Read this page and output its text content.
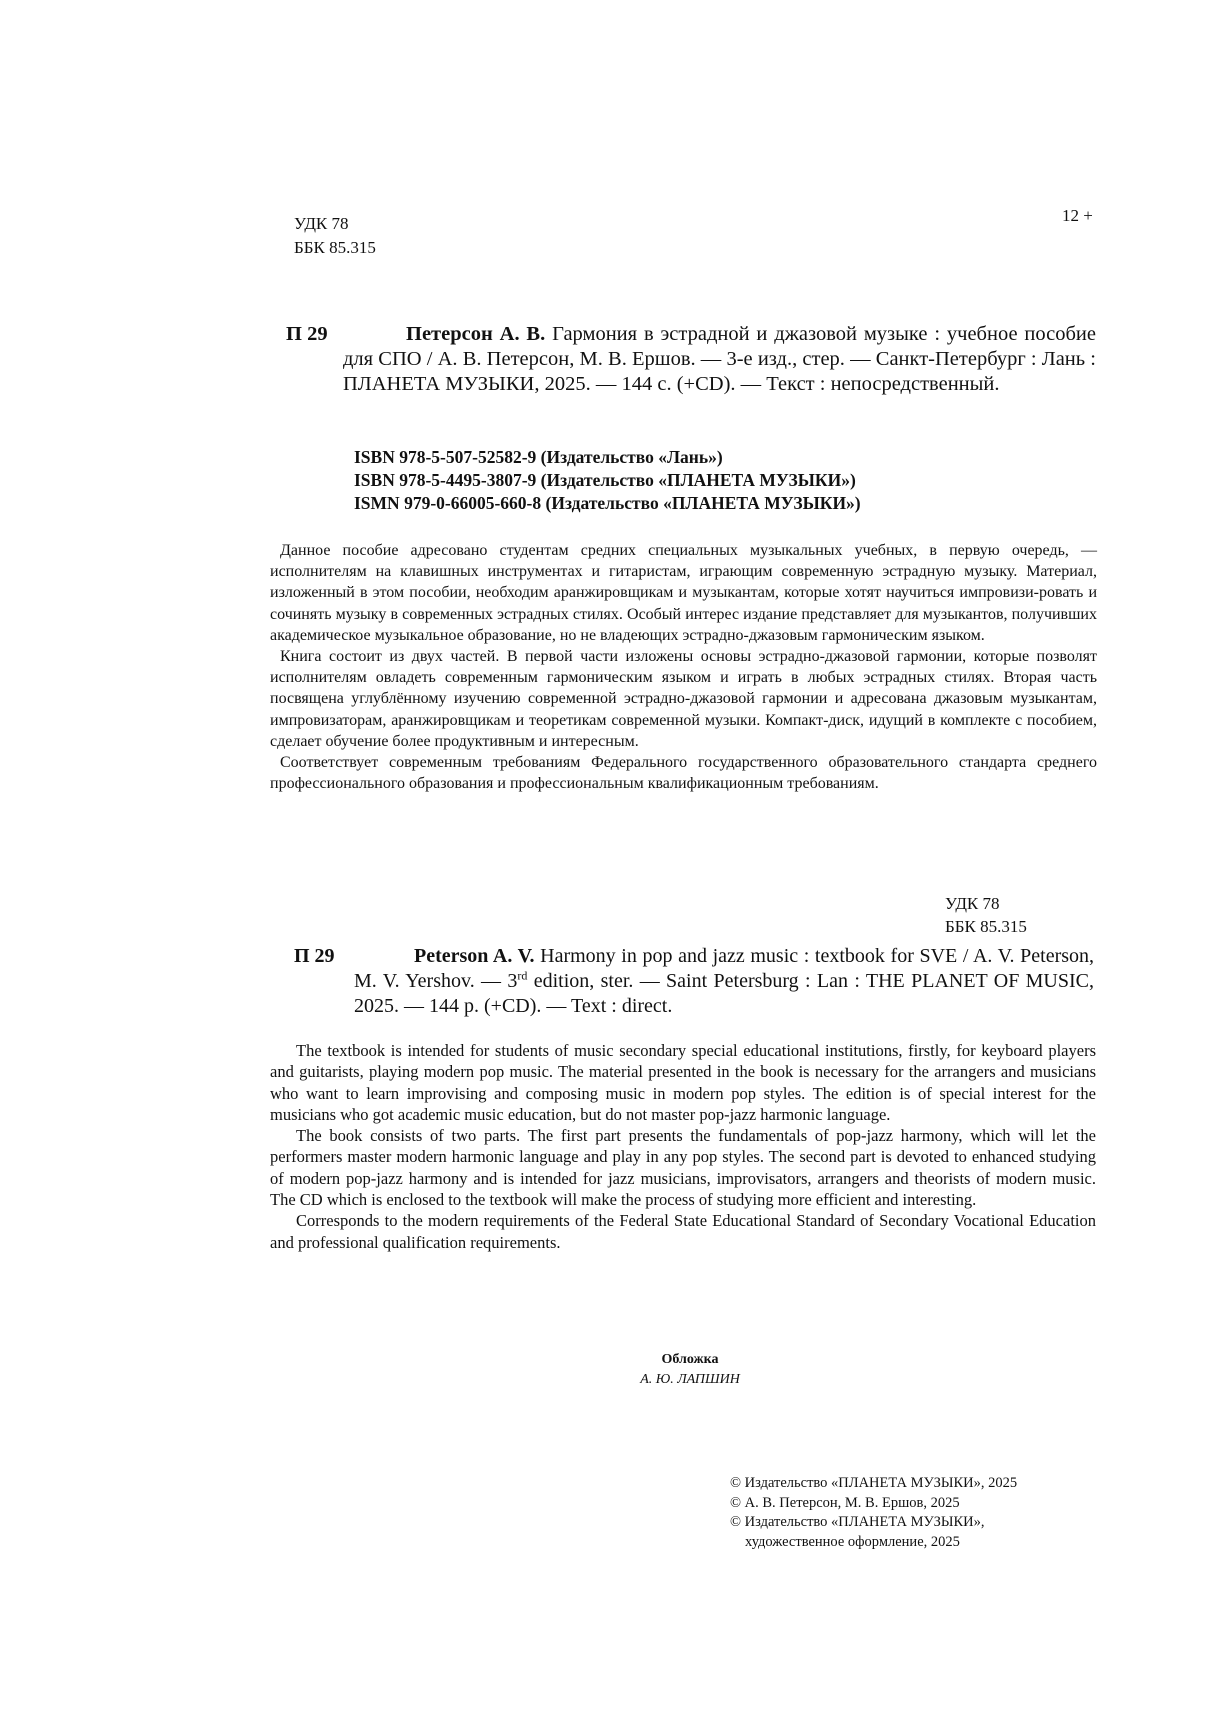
УДК 78
ББК 85.315
12 +
П 29	Петерсон А. В. Гармония в эстрадной и джазовой музыке : учебное пособие для СПО / А. В. Петерсон, М. В. Ершов. — 3-е изд., стер. — Санкт-Петербург : Лань : ПЛАНЕТА МУЗЫКИ, 2025. — 144 с. (+CD). — Текст : непосредственный.
ISBN 978-5-507-52582-9 (Издательство «Лань»)
ISBN 978-5-4495-3807-9 (Издательство «ПЛАНЕТА МУЗЫКИ»)
ISMN 979-0-66005-660-8 (Издательство «ПЛАНЕТА МУЗЫКИ»)

Данное пособие адресовано студентам средних специальных музыкальных учебных, в первую очередь, — исполнителям на клавишных инструментах и гитаристам, играющим современную эстрадную музыку. Материал, изложенный в этом пособии, необходим аранжировщикам и музыкантам, которые хотят научиться импровизи-ровать и сочинять музыку в современных эстрадных стилях. Особый интерес издание представляет для музыкантов, получивших академическое музыкальное образование, но не владеющих эстрадно-джазовым гармоническим языком.

Книга состоит из двух частей. В первой части изложены основы эстрадно-джазовой гармонии, которые позволят исполнителям овладеть современным гармоническим языком и играть в любых эстрадных стилях. Вторая часть посвящена углублённому изучению современной эстрадно-джазовой гармонии и адресована джазовым музыкантам, импровизаторам, аранжировщикам и теоретикам современной музыки. Компакт-диск, идущий в комплекте с пособием, сделает обучение более продуктивным и интересным.

Соответствует современным требованиям Федерального государственного образовательного стандарта среднего профессионального образования и профессиональным квалификационным требованиям.

УДК 78
ББК 85.315
П 29	Peterson A. V. Harmony in pop and jazz music : textbook for SVE / A. V. Peterson, M. V. Yershov. — 3rd edition, ster. — Saint Petersburg : Lan : THE PLANET OF MUSIC, 2025. — 144 p. (+CD). — Text : direct.

The textbook is intended for students of music secondary special educational institutions, firstly, for keyboard players and guitarists, playing modern pop music. The material presented in the book is necessary for the arrangers and musicians who want to learn improvising and composing music in modern pop styles. The edition is of special interest for the musicians who got academic music education, but do not master pop-jazz harmonic language.

The book consists of two parts. The first part presents the fundamentals of pop-jazz harmony, which will let the performers master modern harmonic language and play in any pop styles. The second part is devoted to enhanced studying of modern pop-jazz harmony and is intended for jazz musicians, improvisators, arrangers and theorists of modern music. The CD which is enclosed to the textbook will make the process of studying more efficient and interesting.

Corresponds to the modern requirements of the Federal State Educational Standard of Secondary Vocational Education and professional qualification requirements.

Обложка
А. Ю. ЛАПШИН
© Издательство «ПЛАНЕТА МУЗЫКИ», 2025
© А. В. Петерсон, М. В. Ершов, 2025
© Издательство «ПЛАНЕТА МУЗЫКИ»,
художественное оформление, 2025
